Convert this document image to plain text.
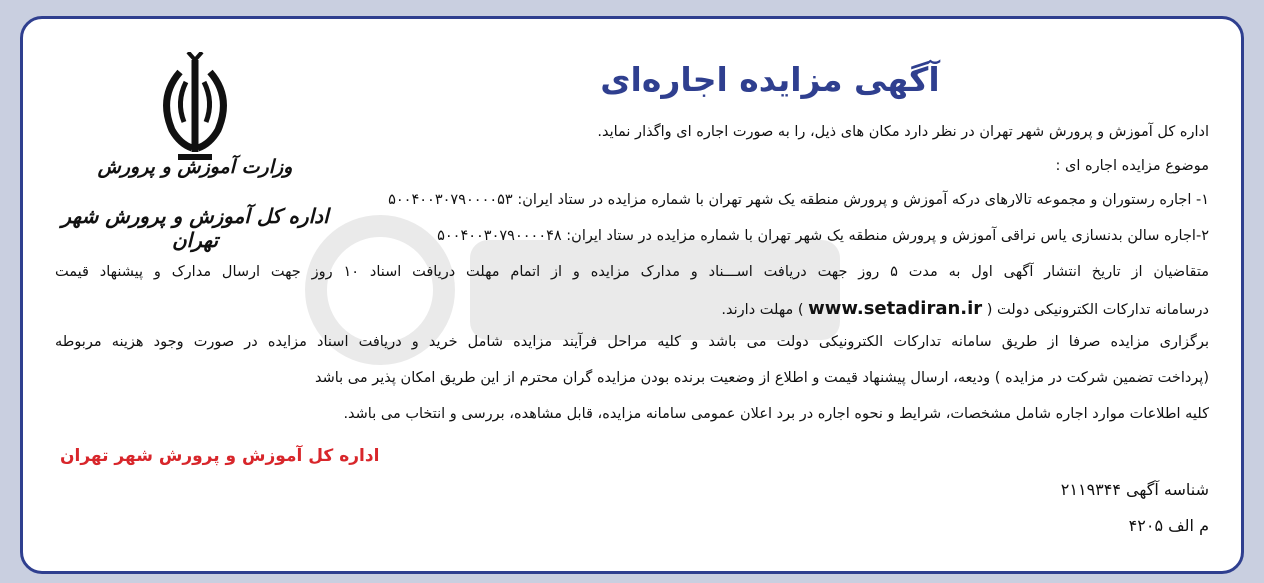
وزارت آموزش و پرورش
اداره کل آموزش و پرورش شهر تهران
آگهی مزایده اجاره‌ای
اداره کل آموزش و پرورش شهر تهران در نظر دارد مکان های ذیل، را به صورت اجاره ای واگذار نماید.
موضوع مزایده اجاره ای :
۱- اجاره رستوران و مجموعه تالارهای درکه آموزش و پرورش منطقه یک شهر تهران با شماره مزایده در ستاد ایران: ۵۰۰۴۰۰۳۰۷۹۰۰۰۰۵۳
۲-اجاره سالن بدنسازی یاس نراقی آموزش و پرورش منطقه یک شهر تهران با شماره مزایده در ستاد ایران: ۵۰۰۴۰۰۳۰۷۹۰۰۰۰۴۸
متقاضیان از تاریخ انتشار آگهی اول به مدت ۵ روز جهت دریافت اســـناد و مدارک مزایده و از اتمام مهلت دریافت اسناد ۱۰ روز جهت ارسال مدارک و پیشنهاد قیمت
درسامانه تدارکات الکترونیکی دولت ( www.setadiran.ir ) مهلت دارند.
برگزاری مزایده صرفا از طریق سامانه تدارکات الکترونیکی دولت می باشد و کلیه مراحل فرآیند مزایده شامل خرید و دریافت اسناد مزایده در صورت وجود هزینه مربوطه
(پرداخت تضمین شرکت در مزایده ) ودیعه، ارسال پیشنهاد قیمت و اطلاع از وضعیت برنده بودن مزایده گران محترم از این طریق امکان پذیر می باشد
کلیه اطلاعات موارد اجاره شامل مشخصات، شرایط و نحوه اجاره در برد اعلان عمومی سامانه مزایده، قابل مشاهده، بررسی و انتخاب می باشد.
اداره کل آموزش و پرورش شهر تهران
شناسه آگهی ۲۱۱۹۳۴۴
م الف ۴۲۰۵
